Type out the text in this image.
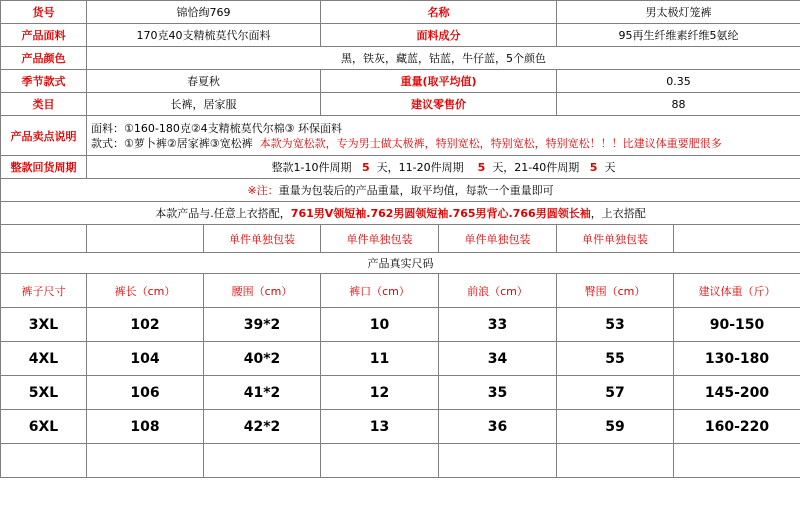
货号	锦恰绚769		名称		男太极灯笼裤	
产品面料	170克40支精梳莫代尔面料		面料成分		95再生纤维素纤维5氨纶	
产品颜色	黑，铁灰，藏蓝，钴蓝，牛仔蓝，5个颜色					
季节款式	春夏秋		重量(取平均值)		0.35	
类目	长裤，居家服		建议零售价		88	
产品卖点说明	面料：①160-180克②4支精梳莫代尔棉③ 环保面料
款式：①萝卜裤②居家裤③宽松裤 本款为宽松款，专为男士做太极裤，特别宽松，特别宽松，特别宽松！！！比建议体重要肥很多					

整款回货周期	整款1-10件周期 5 天，11-20件周期 5 天，21-40件周期 5 天					
※注：重量为包装后的产品重量，取平均值，每款一个重量即可						
本款产品与.任意上衣搭配，761男V领短袖.762男圆领短袖.765男背心.766男圆领长袖，上衣搭配						
		单件单独包装	单件单独包装	单件单独包装	单件单独包装	
产品真实尺码						
裤子尺寸	裤长（cm）	腰围（cm）	裤口（cm）	前浪（cm）	臀围（cm）	建议体重（斤）
3XL	102	39*2	10	33	53	90-150
4XL	104	40*2	11	34	55	130-180
5XL	106	41*2	12	35	57	145-200
6XL	108	42*2	13	36	59	160-220
